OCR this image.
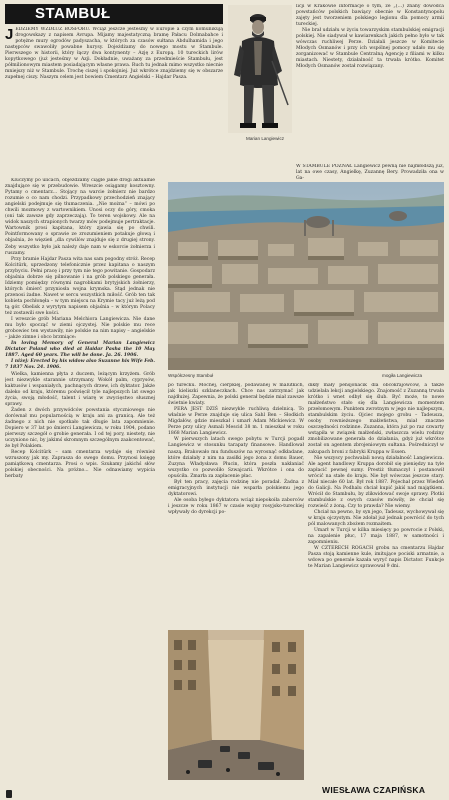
STAMBUŁ

JEDZIEMY WZDŁUŻ BOSFORU. Wciąż jeszcze jesteśmy w Europie a czym komunikują drogowskazy z napisem Avrupa. Mijamy majestatyczną bramę Pałacu Dolmabahce i potężne mury ogrodów padyszacha, w których za czasów sułtana Abdulhamida i jego następców swawoliły powabne hurysy. Dojeżdżamy do nowego mostu w Stambule. Pierwszego w historii, który łączy dwa kontynenty – Azję z Europą. 10 tureckich lirów kopytkowego (już jesteśmy w Azji. Dokładnie, uważany za przedmieście Stambułu, jest półmilionowym miastem posiadającym własne prawa. Ruch tu jednak mimo wszystko niecnie mniejszy niż w Stambule. Trochę ciszej i spokojniej. Już wkrótce znajdziemy się w obszarze zupełnej ciszy. Naszym celem jest bowiem Cmentarz Angielski – Hajdar Pasza.

Marian Langiewicz

licji w Krakowie informacje o tym, że „(…) znany dowódca powstańców polskich bawiący obecnie w Konstantynopolu zajęty jest tworzeniem polskiego legionu dla pomocy armii tureckiej.

Nie brał udziału w życiu towarzyskim stambulskiej emigracji polskiej. Nie siadywał w kawiarenkach jakich pełno było w tak wówczas ruchliwej Perze. Działali jeszcze w Komitecie Młodych Osmanów i przy ich wspólnej pomocy udało mu się zorganizować w Stambule Centralną Agencję z filiami w kilku miastach. Niestety, działalność ta trwała krótko. Komitet Młodych Osmanów został rozwiązany.

W STAMBULE POZNAŁ Langiewicz pewną nie najmłodszą już, lat na owe czasy, Angielkę, Zuzannę Bery. Prowadziła ona w Ga-

Kluczymy po ulicach, objeżdżamy ciągle jakie drogi aktualnie znajdujące się w przebudowie. Wreszcie osiągamy kosztowny. Pytamy o cmentarz... Stojący na warcie żołnierz nie bardzo rozumie o co nam chodzi. Przypadkowy przechodzień znający angielski podejmuje się tłumaczenia. „Nie można” – mówi po chwili mozmowy z wartownikiem. Unosi oczy do góry, cmoka (oni tak zawsze gdy zaprzeczają). To teren wojskowy. Ale na widok naszych strapionych twarzy mów podejmuje pertraktacje. Wartownik prosi kapitana, który zjawia się po chwili. Pointformowany o sprawie ze zrozumieniem potakuje głową i objaśnia, że więzień „dla cywilów znajduje się z drugiej strony. Zeby wszystko było jak należy daje nam w eskorcie żołnierza i ruszamy.

Przy bramie Hajdar Pasza wita nas sam pogodny stróż. Recep Kolcitürk, uprzedzony telefonicznie przez kapitana o naszym przybyciu. Pełni pracę i przy tym nie tego powitanie. Gospodarz objaśnia dobrze się pilnowanie i na grób polskiego generała. Idziemy pomiędzy równymi nagrobkami brytyjskich żołnierzy, których śmierć przyniosła wojna krymska. Stąd jednak nie przenosi żadne. Nawet w sercu wszystkich miłość. Grób ten tak kobieta pochłonęła – w tym miejscu na Krymie tacy już leżą pod tą gór. Obelisk z wyrytym napisem objaśnia – w którym Polacy też zostawili swe kości.

I wreszcie grób Mariana Melchiora Langiewicza. Nie dane mu było spocząć w ziemi ojczystej. Nie polskie mu rece grobowiec ten wystawiły, nie polskie na nim napisy – angielskie – jakże zimne i obco brzmiące:

In loving Memory of General Marian Langiewicz Dictator Poland who died at Haidar Pasha the 10 May 1887. Aged 60 years. The will be done. Ja. 26. 1906.

I niżej: Erected by his widow also Suzanne his Wife Feb. 7 1837 Nov. 24. 1906.

Wielka, kamienna płyta z duczem, leżącym krzyżem. Grób jest niezwykle starannie utrzymany. Wokół palm, cyprysów, kaktusów i wspaniałych, pachnących drzew, ich dyktator. Jakże daleko od kraju, któremu poświęcił tyle najlepszych lat swego życia, swoją młodość, talent i wiarę w zwycięstwo słusznej sprawy.

Żaden z dwóch przywódców powstania styczniowego nie dorównał mu popularnością w kraju ani za granicą. Ale też żadnego z nich nie spotkało tak długie lata zapomnienie. Dopiero w 37 lat po śmierci Langiewicza, w roku 1904, podano pierwszy szczegół o grobie generała. I od tej pory, niestety, nie uczyniono nic, by jakimś skromnym szczególnym zaakcentować, że był Polakiem.

Recep Kolcitürk – sam cmentarza wydaje się również wzruszony jak my. Zaprasza do swego domu. Przynosi księgę pamiątkową cmentarza. Prosi o wpis. Szukamy jakichś słów polskiej obecności. Na próżno... Nie odnawiamy wypicia herbaty

Współczesny Stambuł	mogiła Langiewicza

po turecku. Mocnej, cierpkiej, podawanej w malutkich, jak kieliszki szklaneczkach. Chce nas zatrzymać jak najdłużej. Zapewnia, że polski generał będzie miał zawsze świetnie kwiaty.

PERA JEST DZIŚ niezwykle ruchliwą dzielnicą. To właśnie w Perze znajduje się ulica Sahl Ben – Słodkich Migdałów, gdzie mieszkał i umarł Adam Mickiewicz. W Perze przy ulicy Asmali Mescid 38 m. 1 mieszkał w roku 1868 Marian Langiewicz.

W pierwszych latach swego pobytu w Turcji pogadł Langiewicz w stosunku tarapaty finansowe. Handlował naszą. Brakowało mu funduszów na wyrosnąć odkładane, które działały z nim na zasiłki jego żona z domu Bauer, Zuzyna Władysława Płucin, która poszła nakłaniać wszystko co pozwoliło Szwajcarii. Wkrótce i ona do opuściła. Zmarła za zapłacenie płac.

Był ten pracy, zajęcia rodzinę nie poradał. Żadna z emigracyjnych instytucji nie wsparła polskiemu jego dyktatorowi.

Ale osoba byłego dyktatora wciąż niepokoiła zaborców i jeszcze w roku 1867 w czasie wojny rosyjsko-tureckiej wpływały do dyrekcji po-

dikły mały pensjonacik dla obcokrajowców, a także udzielała lekcji angielskiego. Znajomość z Zuzanną trwała krótko i wnet odbył się ślub. Być może, to nowe małżeństwo stało się dla Langiewicza momentem przełomowym. Punktem zwrotnym w jego nie najlepszym, stambulskim życiu. Ojciec mojego grobu – Tadeusza, osoby rownieższego małżeństwa, miał znaczne oszczędności rodzinne. Zuzanna, która już po raz czwarty wstąpiła w związek małżeński, zwłaszcza wielu rodziny zmobilizowane generała do działania, gdyż już wkrótce został on agentem zbrojeniowym sułtana. Pośredniczył w zakupach broni z fabryki Kruppa w Essen.

Nie wszyscy pochwalali nową działalność Langiewicza. Ale agent handlowy Kruppa dorobił się pieniędzy na tyle zapłacić pewnej sumy. Prestiż tłumaczył i postanowił wrócić na stałe do kraju. Nie był wówczas jeszcze stary. Miał niecałe 60 lat. Był rok 1887. Pojechał przez Wiedeń do Galicji. Na Podhalu chciał kupić jakiś nad majątkiem. Wrócił do Stambułu, by zlikwidować swoje sprawy. Plotki stambulskie z owych czasów mówiły, że chciał się rozwieść z żoną. Czy to prawda? Nie wiemy.

Chciał na pewno, by syn jego, Tadeusz, wychowywał się w kraju ojczystym. Nie zdołał już jednak powrócić do tych pól malowanych zbożem rozmaitem.

Umarł w Turcji w kilka miesięcy po powrocie z Polski, na zapalenie płuc, 17 maja 1887, w samotności i zapomnieniu.

W CZTERECH ROGACH grobu na cmentarzu Hajdar Pasza stoją kamienne kule, imitujące pociski armatnie, a wdowa po generale kazała wyryć napis Dictator. Funkcje te Marian Langiewicz sprawował 9 dni.

WIESŁAWA CZAPIŃSKA
